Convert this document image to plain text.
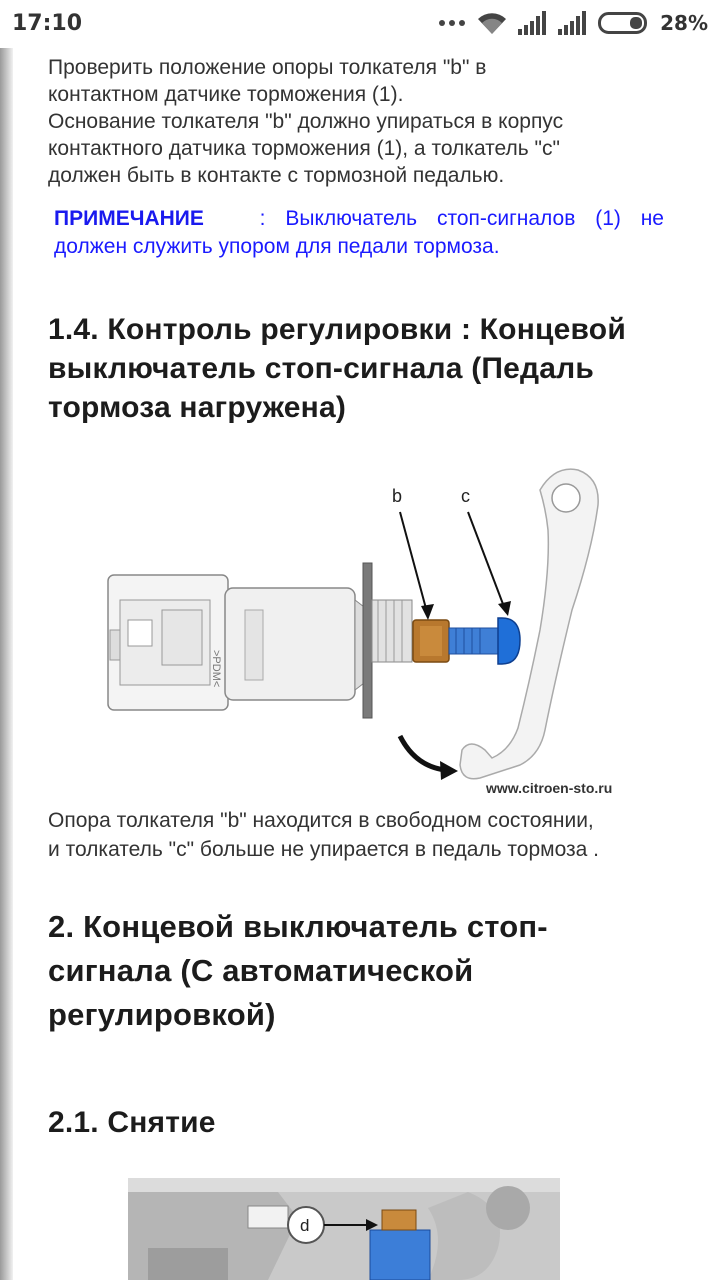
17:10	28%

Проверить положение опоры толкателя "b" в

контактном датчике торможения (1).

Основание толкателя "b" должно упираться в корпус

контактного датчика торможения (1), а толкатель "c"

должен быть в контакте с тормозной педалью.

ПРИМЕЧАНИЕ	: Выключатель стоп-сигналов (1) не
должен служить упором для педали тормоза.
1.4. Контроль регулировки : Концевой
выключатель стоп-сигнала (Педаль
тормоза нагружена)
>PDM<
b	c
www.citroen-sto.ru
Опора толкателя "b" находится в свободном состоянии,
и толкатель "c" больше не упирается в педаль тормоза .
2. Концевой выключатель стоп-
сигнала (С автоматической
регулировкой)
2.1. Снятие
d
